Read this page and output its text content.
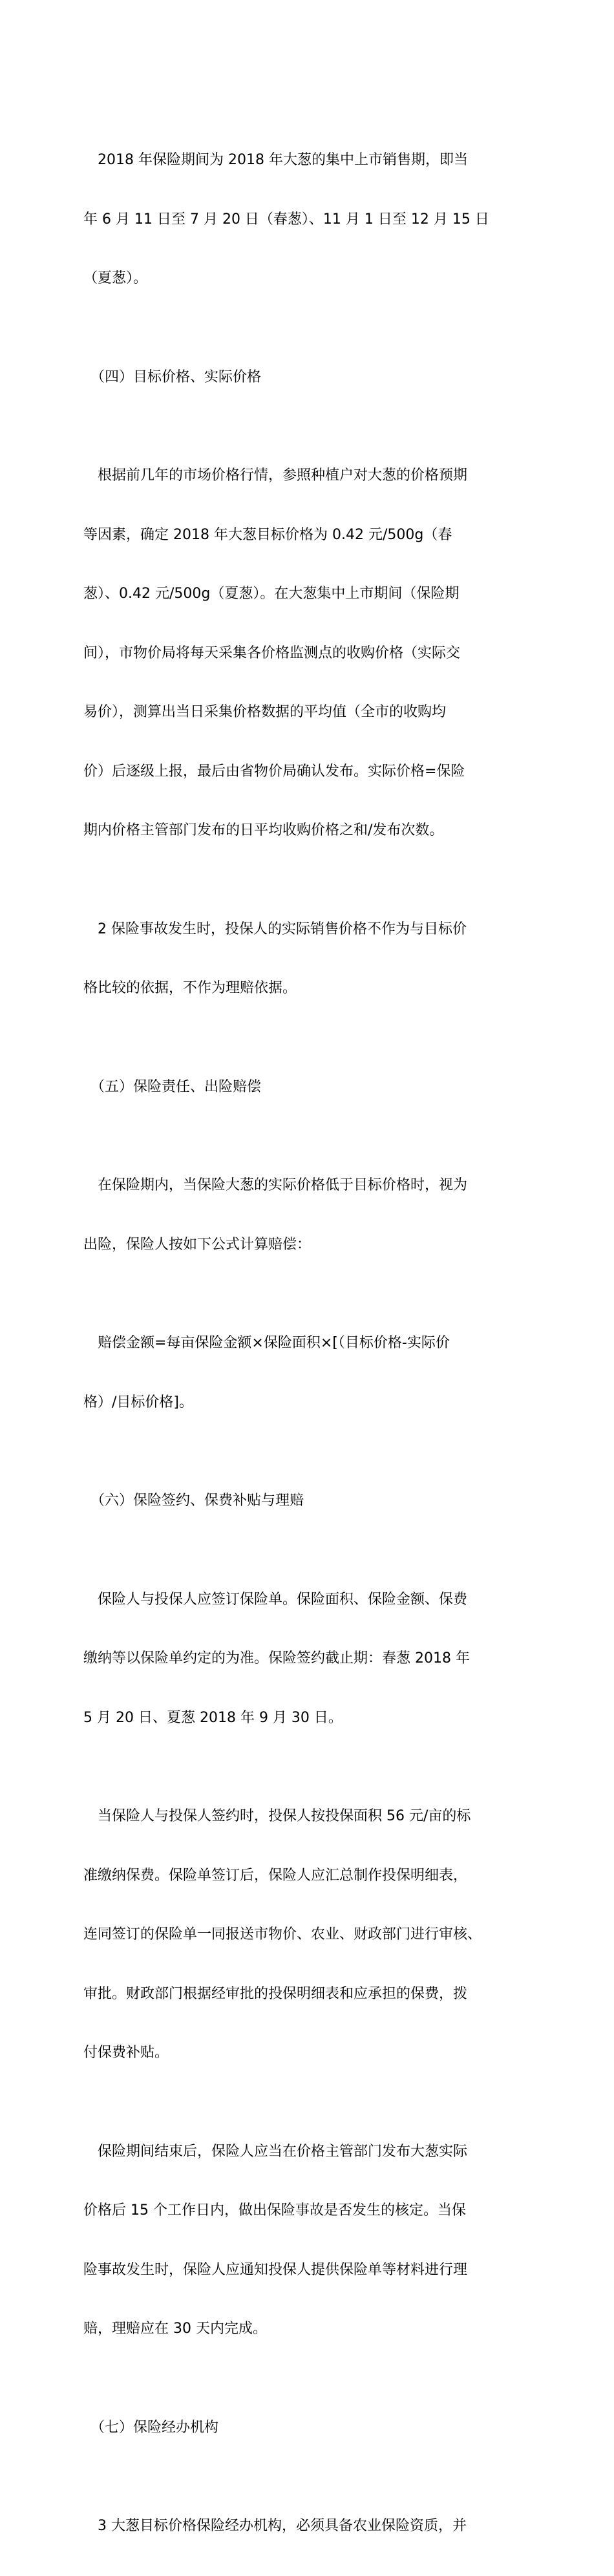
　2018 年保险期间为 2018 年大葱的集中上市销售期，即当

年 6 月 11 日至 7 月 20 日（春葱）、11 月 1 日至 12 月 15 日

（夏葱）。

　（四）目标价格、实际价格

　根据前几年的市场价格行情，参照种植户对大葱的价格预期

等因素，确定 2018 年大葱目标价格为 0.42 元/500g（春

葱）、0.42 元/500g（夏葱）。在大葱集中上市期间（保险期

间），市物价局将每天采集各价格监测点的收购价格（实际交

易价），测算出当日采集价格数据的平均值（全市的收购均

价）后逐级上报，最后由省物价局确认发布。实际价格=保险

期内价格主管部门发布的日平均收购价格之和/发布次数。

　2 保险事故发生时，投保人的实际销售价格不作为与目标价

格比较的依据，不作为理赔依据。

　（五）保险责任、出险赔偿

　在保险期内，当保险大葱的实际价格低于目标价格时，视为

出险，保险人按如下公式计算赔偿：

　赔偿金额=每亩保险金额×保险面积×[（目标价格-实际价

格）/目标价格]。

　（六）保险签约、保费补贴与理赔

　保险人与投保人应签订保险单。保险面积、保险金额、保费

缴纳等以保险单约定的为准。保险签约截止期：春葱 2018 年

5 月 20 日、夏葱 2018 年 9 月 30 日。

　当保险人与投保人签约时，投保人按投保面积 56 元/亩的标

准缴纳保费。保险单签订后，保险人应汇总制作投保明细表，

连同签订的保险单一同报送市物价、农业、财政部门进行审核、

审批。财政部门根据经审批的投保明细表和应承担的保费，拨

付保费补贴。

　保险期间结束后，保险人应当在价格主管部门发布大葱实际

价格后 15 个工作日内，做出保险事故是否发生的核定。当保

险事故发生时，保险人应通知投保人提供保险单等材料进行理

赔，理赔应在 30 天内完成。

　（七）保险经办机构

　3 大葱目标价格保险经办机构，必须具备农业保险资质，并
